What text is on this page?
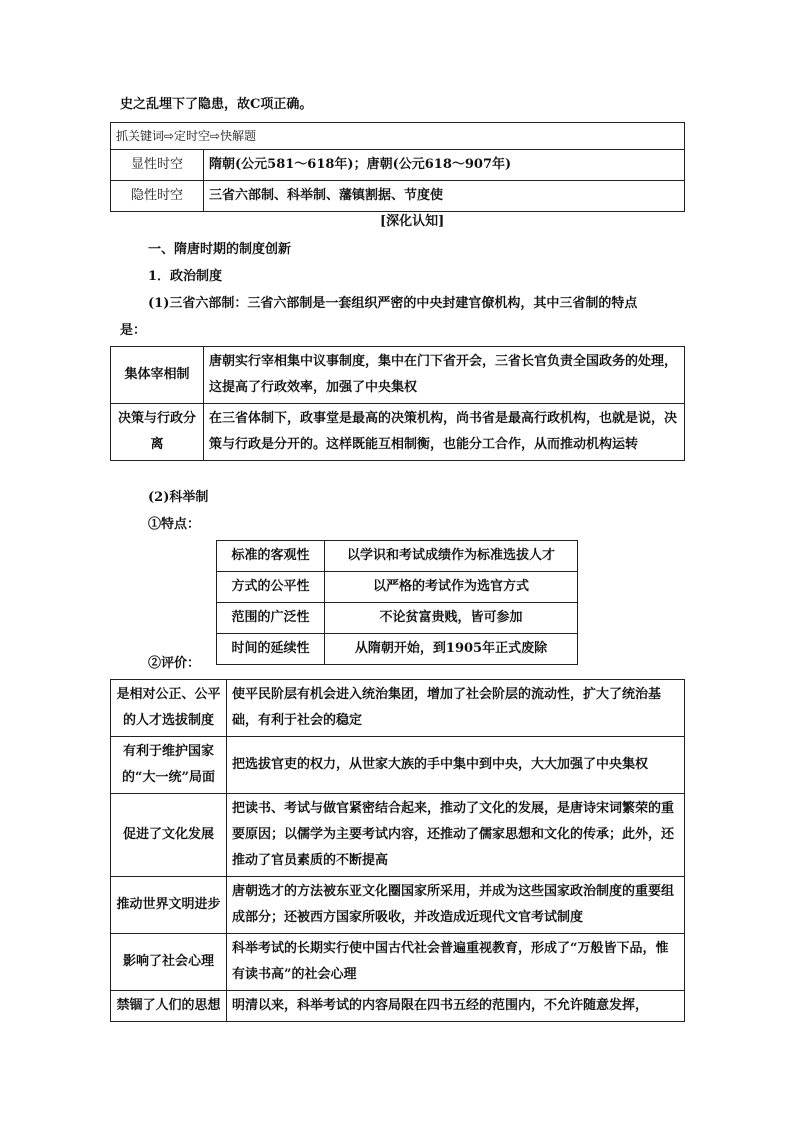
史之乱埋下了隐患，故C项正确。
抓关键词⇨定时空⇨快解题	
显性时空	隋朝(公元581～618年)；唐朝(公元618～907年)
隐性时空	三省六部制、科举制、藩镇割据、节度使
[深化认知]
一、隋唐时期的制度创新
1．政治制度
(1)三省六部制：三省六部制是一套组织严密的中央封建官僚机构，其中三省制的特点
是：
集体宰相制	唐朝实行宰相集中议事制度，集中在门下省开会，三省长官负责全国政务的处理，这提高了行政效率，加强了中央集权
决策与行政分离	在三省体制下，政事堂是最高的决策机构，尚书省是最高行政机构，也就是说，决策与行政是分开的。这样既能互相制衡，也能分工合作，从而推动机构运转
(2)科举制
①特点：
标准的客观性	以学识和考试成绩作为标准选拔人才
方式的公平性	以严格的考试作为选官方式
范围的广泛性	不论贫富贵贱，皆可参加
时间的延续性	从隋朝开始，到1905年正式废除
②评价：
是相对公正、公平的人才选拔制度	使平民阶层有机会进入统治集团，增加了社会阶层的流动性，扩大了统治基础，有利于社会的稳定
有利于维护国家的“大一统”局面	把选拔官吏的权力，从世家大族的手中集中到中央，大大加强了中央集权
促进了文化发展	把读书、考试与做官紧密结合起来，推动了文化的发展，是唐诗宋词繁荣的重要原因；以儒学为主要考试内容，还推动了儒家思想和文化的传承；此外，还推动了官员素质的不断提高
推动世界文明进步	唐朝选才的方法被东亚文化圈国家所采用，并成为这些国家政治制度的重要组成部分；还被西方国家所吸收，并改造成近现代文官考试制度
影响了社会心理	科举考试的长期实行使中国古代社会普遍重视教育，形成了“万般皆下品，惟有读书高”的社会心理
禁锢了人们的思想	明清以来，科举考试的内容局限在四书五经的范围内，不允许随意发挥，
